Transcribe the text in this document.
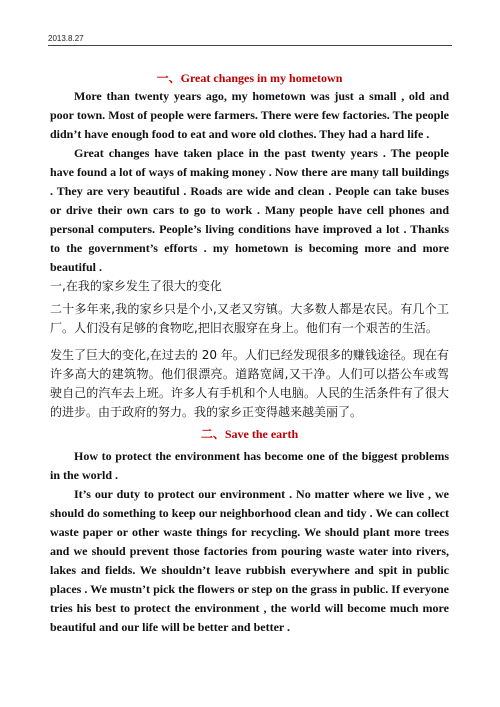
2013.8.27

一、Great changes in my hometown

More than twenty years ago, my hometown was just a small , old and poor town. Most of people were farmers. There were few factories. The people didn’t have enough food to eat and wore old clothes. They had a hard life .

Great changes have taken place in the past twenty years . The people have found a lot of ways of making money . Now there are many tall buildings . They are very beautiful . Roads are wide and clean . People can take buses or drive their own cars to go to work . Many people have cell phones and personal computers. People’s living conditions have improved a lot . Thanks to the government’s efforts . my hometown is becoming more and more beautiful .

一,在我的家乡发生了很大的变化

二十多年来,我的家乡只是个小,又老又穷镇。大多数人都是农民。有几个工厂。人们没有足够的食物吃,把旧衣服穿在身上。他们有一个艰苦的生活。

发生了巨大的变化,在过去的 20 年。人们已经发现很多的赚钱途径。现在有许多高大的建筑物。他们很漂亮。道路宽阔,又干净。人们可以搭公车或驾驶自己的汽车去上班。许多人有手机和个人电脑。人民的生活条件有了很大的进步。由于政府的努力。我的家乡正变得越来越美丽了。

二、Save the earth

How to protect the environment has become one of the biggest problems in the world .

It’s our duty to protect our environment . No matter where we live , we should do something to keep our neighborhood clean and tidy . We can collect waste paper or other waste things for recycling. We should plant more trees and we should prevent those factories from pouring waste water into rivers, lakes and fields. We shouldn’t leave rubbish everywhere and spit in public places . We mustn’t pick the flowers or step on the grass in public. If everyone tries his best to protect the environment , the world will become much more beautiful and our life will be better and better .
